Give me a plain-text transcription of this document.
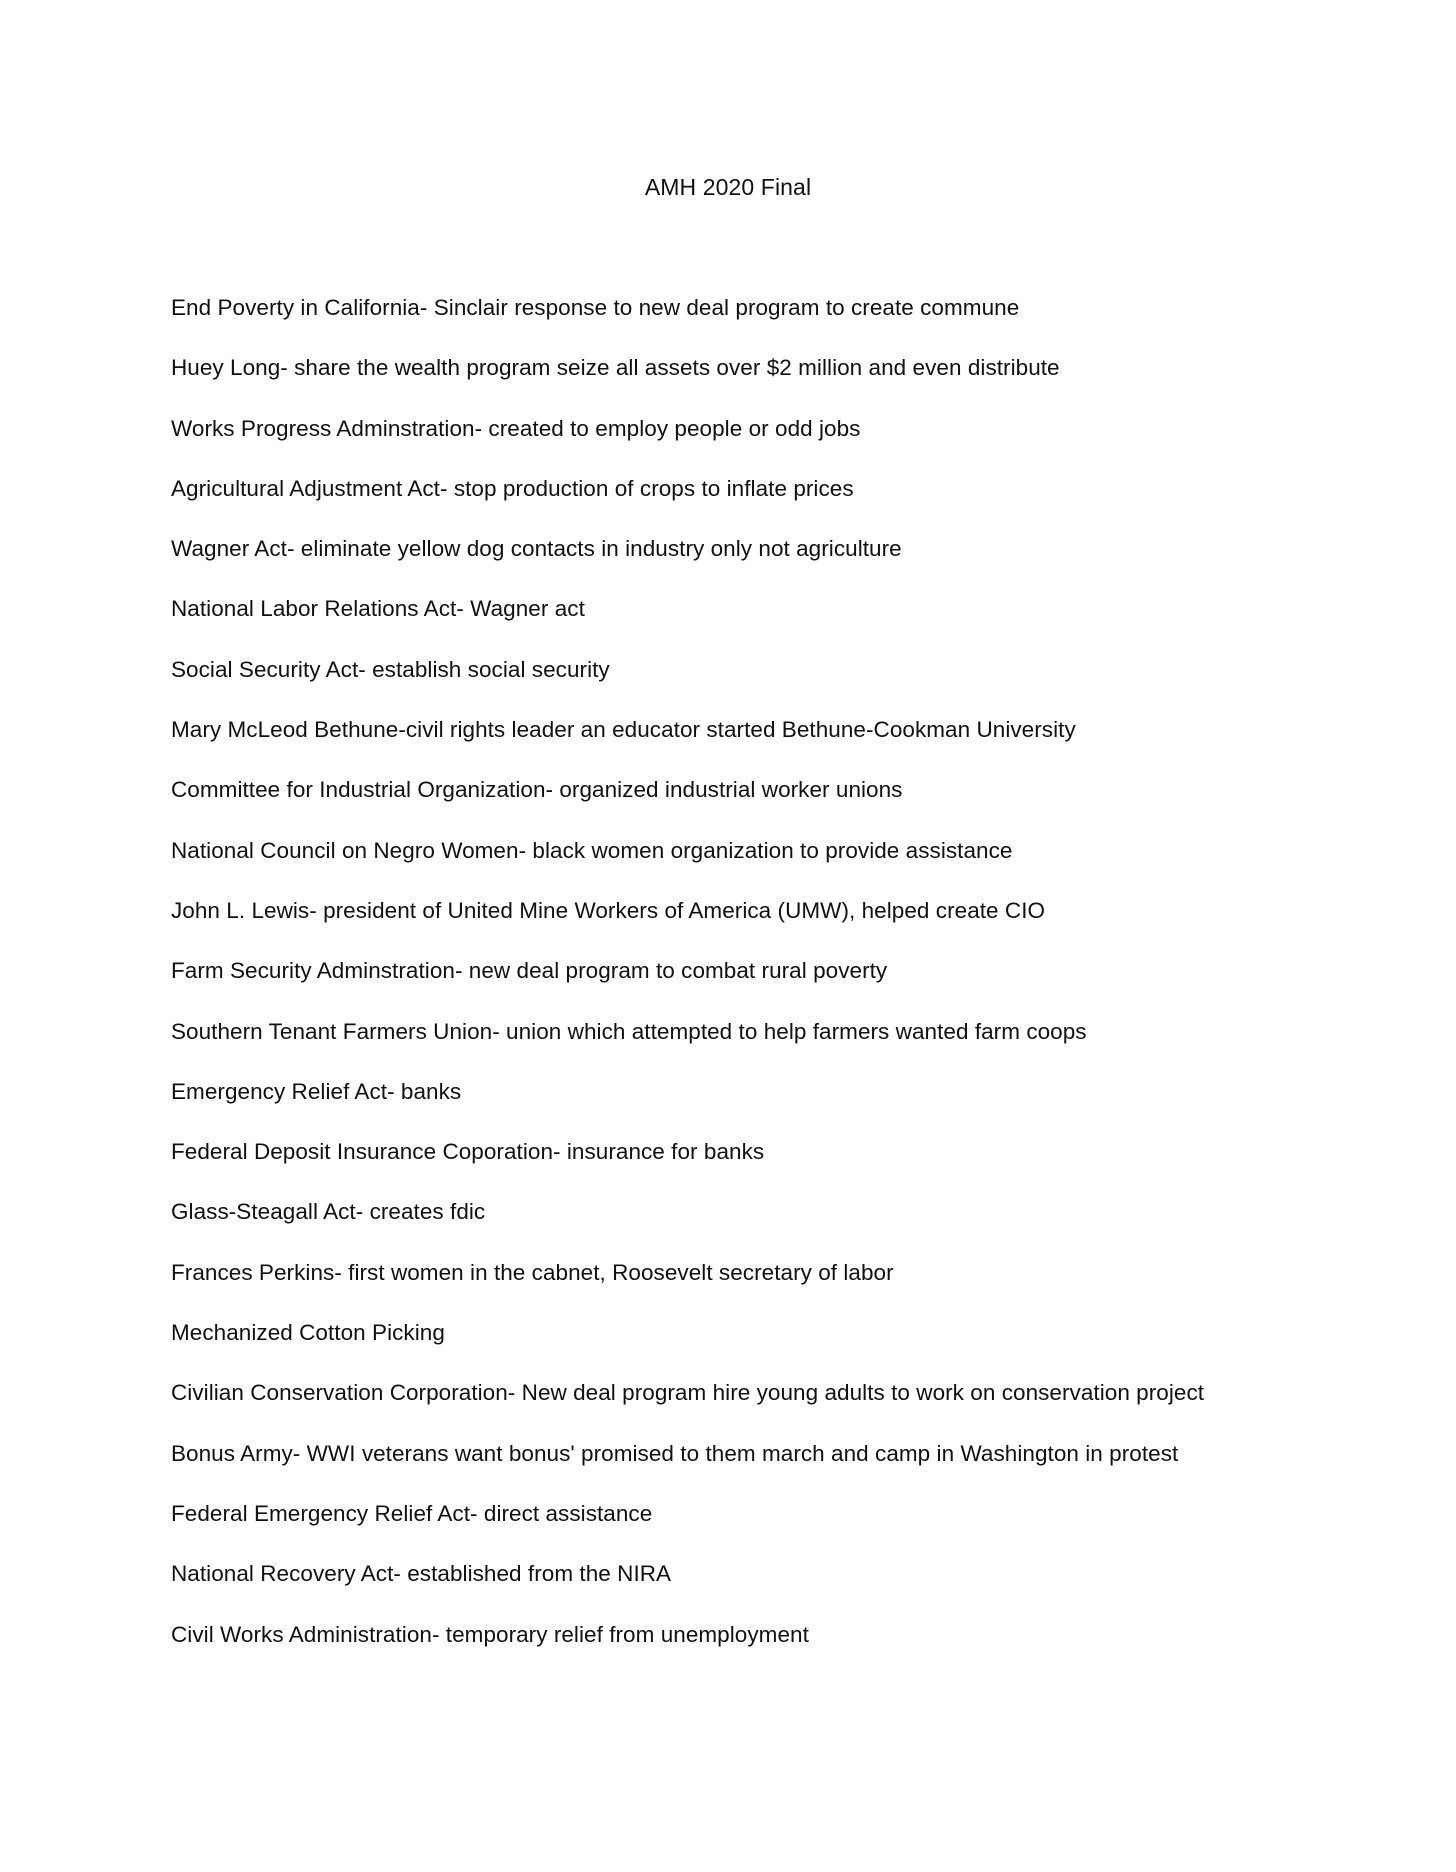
AMH 2020 Final
End Poverty in California- Sinclair response to new deal program to create commune
Huey Long- share the wealth program seize all assets over $2 million and even distribute
Works Progress Adminstration- created to employ people or odd jobs
Agricultural Adjustment Act- stop production of crops to inflate prices
Wagner Act- eliminate yellow dog contacts in industry only not agriculture
National Labor Relations Act- Wagner act
Social Security Act- establish social security
Mary McLeod Bethune-civil rights leader an educator started Bethune-Cookman University
Committee for Industrial Organization- organized industrial worker unions
National Council on Negro Women- black women organization to provide assistance
John L. Lewis- president of United Mine Workers of America (UMW), helped create CIO
Farm Security Adminstration- new deal program to combat rural poverty
Southern Tenant Farmers Union- union which attempted to help farmers wanted farm coops
Emergency Relief Act- banks
Federal Deposit Insurance Coporation- insurance for banks
Glass-Steagall Act- creates fdic
Frances Perkins- first women in the cabnet, Roosevelt secretary of labor
Mechanized Cotton Picking
Civilian Conservation Corporation- New deal program hire young adults to work on conservation project
Bonus Army- WWI veterans want bonus' promised to them march and camp in Washington in protest
Federal Emergency Relief Act- direct assistance
National Recovery Act- established from the NIRA
Civil Works Administration- temporary relief from unemployment
